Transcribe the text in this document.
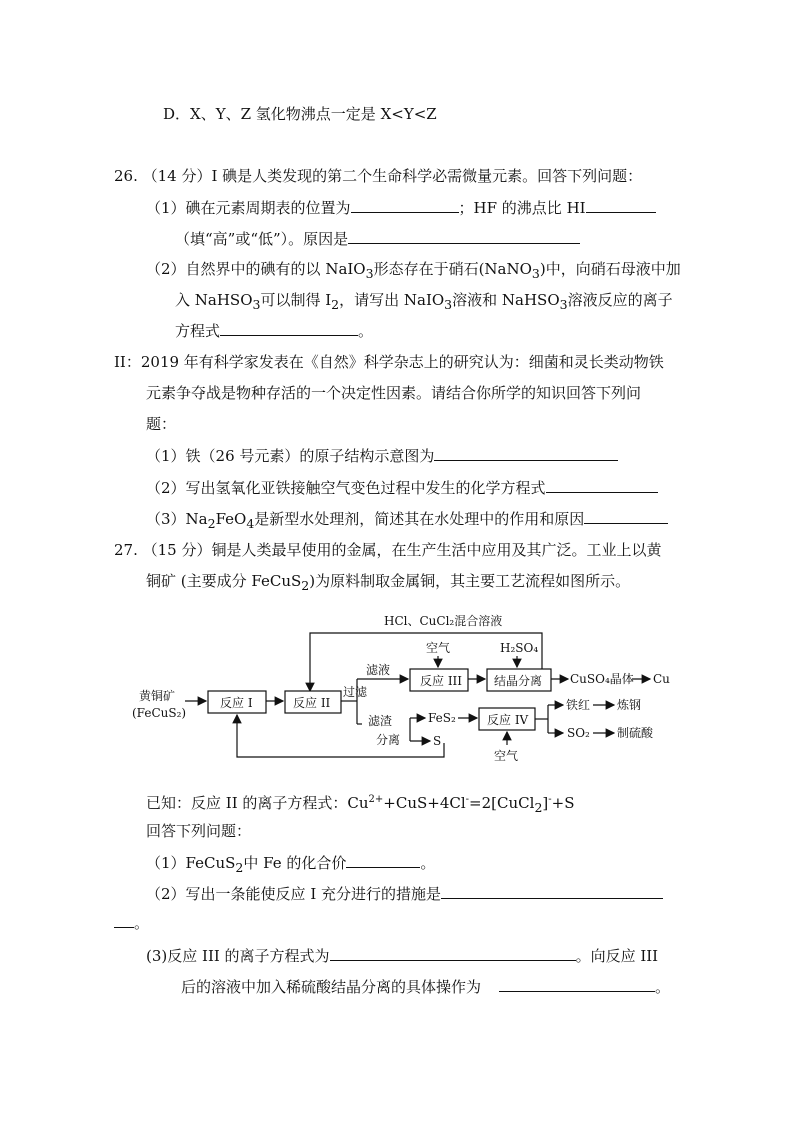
D．X、Y、Z 氢化物沸点一定是 X<Y<Z
26. （14 分）I 碘是人类发现的第二个生命科学必需微量元素。回答下列问题：
（1）碘在元素周期表的位置为	；HF 的沸点比 HI
（填“高”或“低”）。原因是
（2）自然界中的碘有的以 NaIO$_3$形态存在于硝石(NaNO$_3$)中，向硝石母液中加
入 NaHSO$_3$可以制得 $I_2$，请写出 NaIO$_3$溶液和 NaHSO$_3$溶液反应的离子
方程式	。
II：2019 年有科学家发表在《自然》科学杂志上的研究认为：细菌和灵长类动物铁
元素争夺战是物种存活的一个决定性因素。请结合你所学的知识回答下列问
题：
（1）铁（26 号元素）的原子结构示意图为
（2）写出氢氧化亚铁接触空气变色过程中发生的化学方程式
$(3)Na_2FeO_4$是新型水处理剂，简述其在水处理中的作用和原因
27. （15 分）铜是人类最早使用的金属，在生产生活中应用及其广泛。工业上以黄
铜矿 (主要成分 FeCuS$_2$)为原料制取金属铜，其主要工艺流程如图所示。
HCl、CuCl₂混合溶液
黄铜矿
(FeCuS₂)
反应 I	反应 II
过滤
滤液
空气
反应 III
H₂SO₄
结晶分离 CuSO₄晶体 Cu
滤渣
分离
FeS₂
S
反应 IV
空气
铁红
SO₂
炼钢
制硫酸
已知：反应 II 的离子方程式：$Cu^{2+}+CuS+4Cl^-=2[CuCl_2]^-+S$
回答下列问题：
（1）FeCuS$_2$中 Fe 的化合价	。
（2）写出一条能使反应 I 充分进行的措施是
。
(3)反应 III 的离子方程式为	。向反应 III
后的溶液中加入稀硫酸结晶分离的具体操作为	。
